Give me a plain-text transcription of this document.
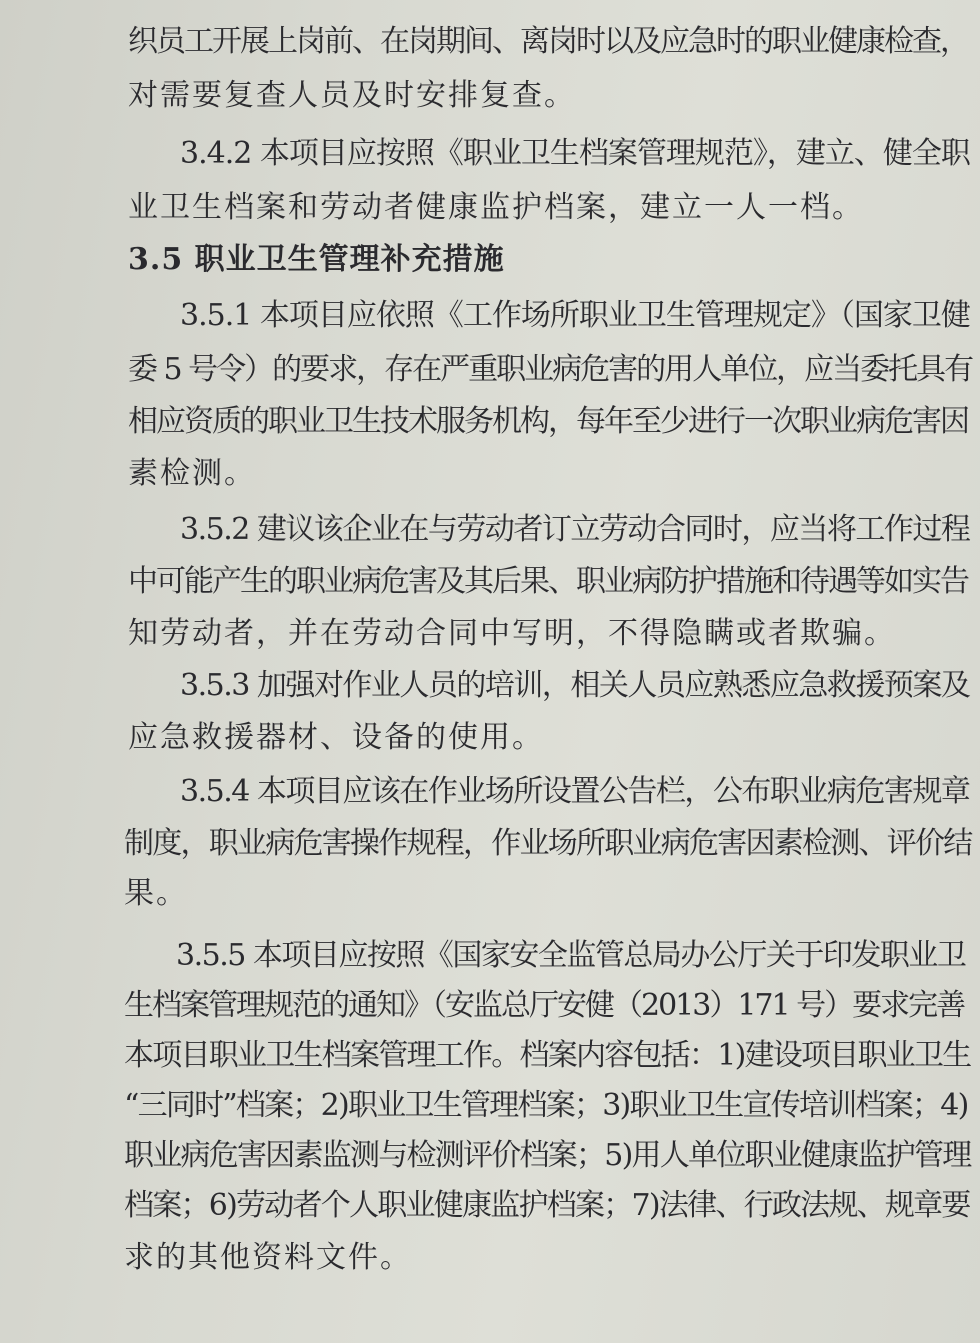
织员工开展上岗前、在岗期间、离岗时以及应急时的职业健康检查，
对需要复查人员及时安排复查。
3.4.2 本项目应按照《职业卫生档案管理规范》，建立、健全职
业卫生档案和劳动者健康监护档案，建立一人一档。
3.5 职业卫生管理补充措施
3.5.1 本项目应依照《工作场所职业卫生管理规定》（国家卫健
委 5 号令）的要求，存在严重职业病危害的用人单位，应当委托具有
相应资质的职业卫生技术服务机构，每年至少进行一次职业病危害因
素检测。
3.5.2 建议该企业在与劳动者订立劳动合同时，应当将工作过程
中可能产生的职业病危害及其后果、职业病防护措施和待遇等如实告
知劳动者，并在劳动合同中写明，不得隐瞒或者欺骗。
3.5.3 加强对作业人员的培训，相关人员应熟悉应急救援预案及
应急救援器材、设备的使用。
3.5.4 本项目应该在作业场所设置公告栏，公布职业病危害规章
制度，职业病危害操作规程，作业场所职业病危害因素检测、评价结
果。
3.5.5 本项目应按照《国家安全监管总局办公厅关于印发职业卫
生档案管理规范的通知》（安监总厅安健（2013）171 号）要求完善
本项目职业卫生档案管理工作。档案内容包括：1)建设项目职业卫生
“三同时”档案；2)职业卫生管理档案；3)职业卫生宣传培训档案；4)
职业病危害因素监测与检测评价档案；5)用人单位职业健康监护管理
档案；6)劳动者个人职业健康监护档案；7)法律、行政法规、规章要
求的其他资料文件。
